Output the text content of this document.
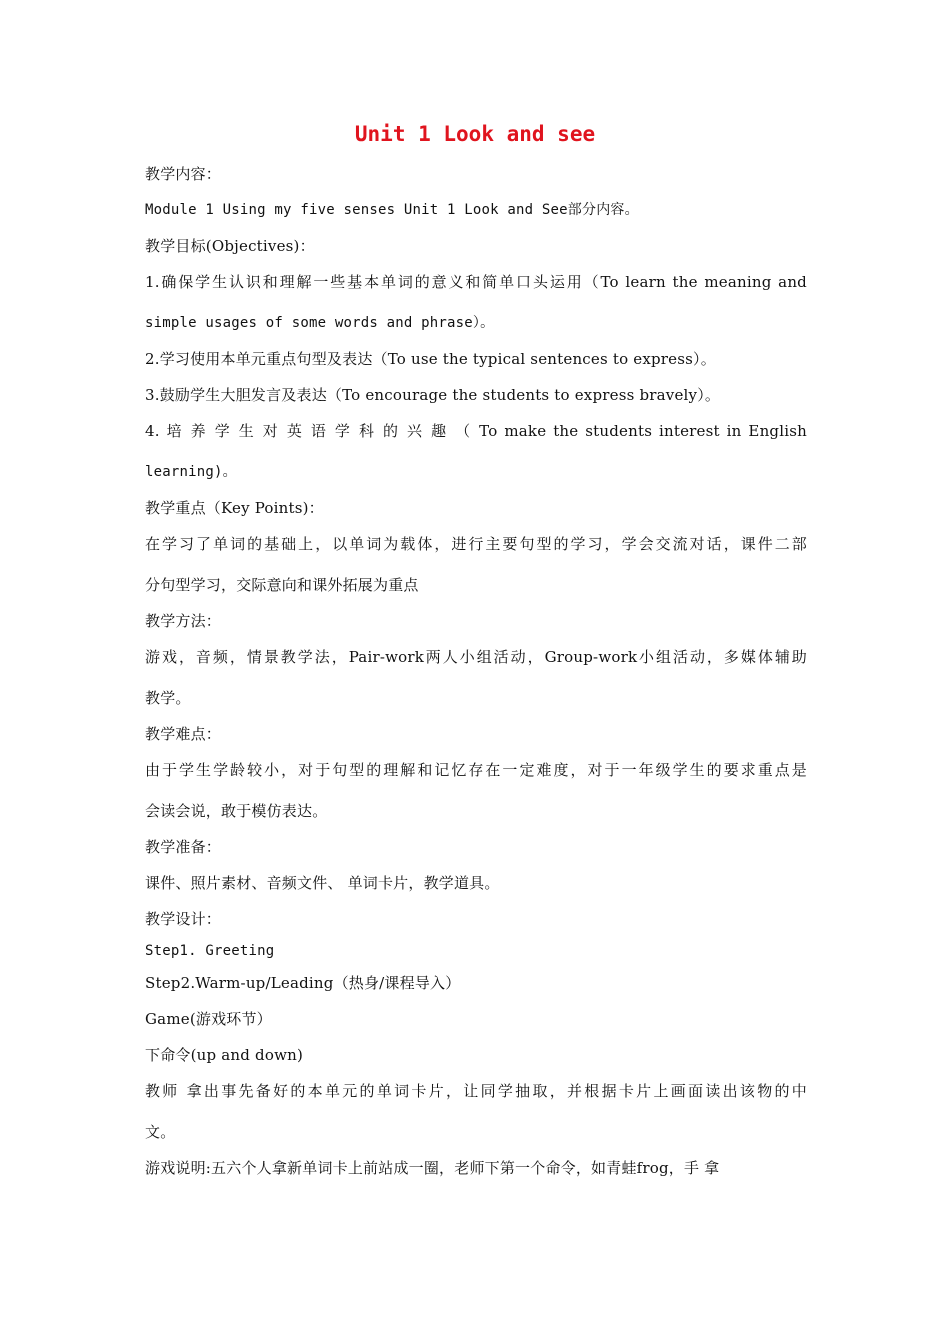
Unit 1 Look and see

教学内容：

Module 1 Using my five senses Unit 1 Look and See部分内容。

教学目标(Objectives)：

1.确保学生认识和理解一些基本单词的意义和简单口头运用（To learn the meaning and

simple usages of some words and phrase）。

2.学习使用本单元重点句型及表达（To use the typical sentences to express）。

3.鼓励学生大胆发言及表达（To encourage the students to express bravely）。

4. 培 养 学 生 对 英 语 学 科 的 兴 趣 （ To make the students interest in English

learning)。

教学重点（Key Points)：

在学习了单词的基础上，以单词为载体，进行主要句型的学习，学会交流对话，课件二部

分句型学习，交际意向和课外拓展为重点

教学方法：

游戏，音频，情景教学法，Pair-work两人小组活动，Group-work小组活动，多媒体辅助

教学。

教学难点：

由于学生学龄较小，对于句型的理解和记忆存在一定难度，对于一年级学生的要求重点是

会读会说，敢于模仿表达。

教学准备：

课件、照片素材、音频文件、 单词卡片，教学道具。

教学设计：

Step1. Greeting

Step2.Warm-up/Leading（热身/课程导入）

Game(游戏环节）

下命令(up and down)

教师 拿出事先备好的本单元的单词卡片，让同学抽取，并根据卡片上画面读出该物的中

文。

游戏说明:五六个人拿新单词卡上前站成一圈，老师下第一个命令，如青蛙frog，手 拿
